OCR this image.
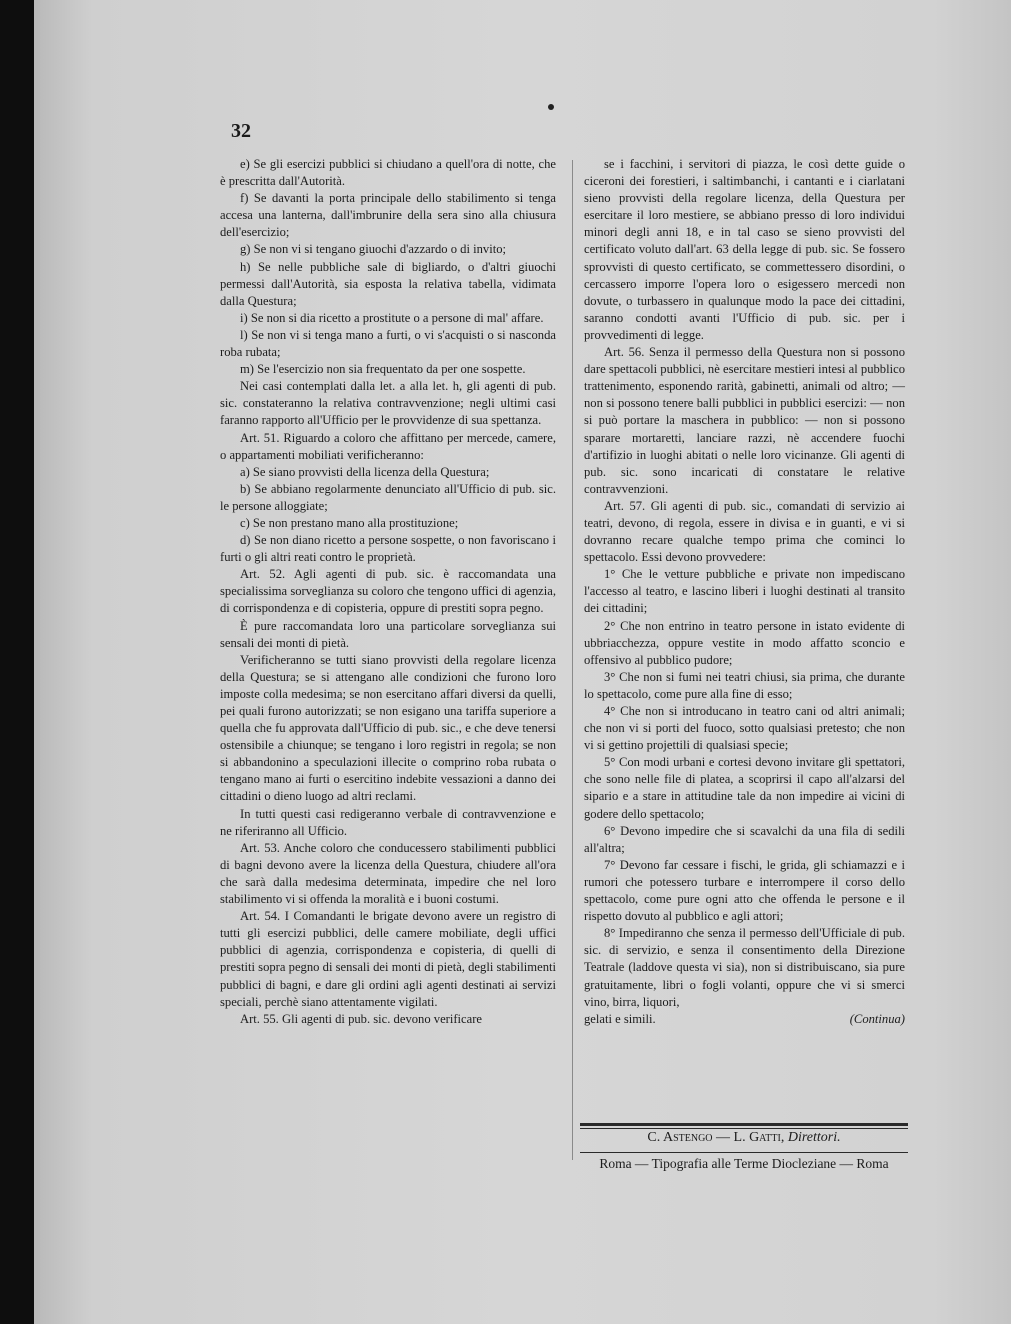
32

e) Se gli esercizi pubblici si chiudano a quell'ora di notte, che è prescritta dall'Autorità.

f) Se davanti la porta principale dello stabilimento si tenga accesa una lanterna, dall'imbrunire della sera sino alla chiusura dell'esercizio;

g) Se non vi si tengano giuochi d'azzardo o di invito;

h) Se nelle pubbliche sale di bigliardo, o d'altri giuochi permessi dall'Autorità, sia esposta la relativa tabella, vidimata dalla Questura;

i) Se non si dia ricetto a prostitute o a persone di mal' affare.

l) Se non vi si tenga mano a furti, o vi s'acquisti o si nasconda roba rubata;

m) Se l'esercizio non sia frequentato da per one sospette.

Nei casi contemplati dalla let. a alla let. h, gli agenti di pub. sic. constateranno la relativa contravvenzione; negli ultimi casi faranno rapporto all'Ufficio per le provvidenze di sua spettanza.

Art. 51. Riguardo a coloro che affittano per mercede, camere, o appartamenti mobiliati verificheranno:

a) Se siano provvisti della licenza della Questura;

b) Se abbiano regolarmente denunciato all'Ufficio di pub. sic. le persone alloggiate;

c) Se non prestano mano alla prostituzione;

d) Se non diano ricetto a persone sospette, o non favoriscano i furti o gli altri reati contro le proprietà.

Art. 52. Agli agenti di pub. sic. è raccomandata una specialissima sorveglianza su coloro che tengono uffici di agenzia, di corrispondenza e di copisteria, oppure di prestiti sopra pegno.

È pure raccomandata loro una particolare sorveglianza sui sensali dei monti di pietà.

Verificheranno se tutti siano provvisti della regolare licenza della Questura; se si attengano alle condizioni che furono loro imposte colla medesima; se non esercitano affari diversi da quelli, pei quali furono autorizzati; se non esigano una tariffa superiore a quella che fu approvata dall'Ufficio di pub. sic., e che deve tenersi ostensibile a chiunque; se tengano i loro registri in regola; se non si abbandonino a speculazioni illecite o comprino roba rubata o tengano mano ai furti o esercitino indebite vessazioni a danno dei cittadini o dieno luogo ad altri reclami.

In tutti questi casi redigeranno verbale di contravvenzione e ne riferiranno all Ufficio.

Art. 53. Anche coloro che conducessero stabilimenti pubblici di bagni devono avere la licenza della Questura, chiudere all'ora che sarà dalla medesima determinata, impedire che nel loro stabilimento vi si offenda la moralità e i buoni costumi.

Art. 54. I Comandanti le brigate devono avere un registro di tutti gli esercizi pubblici, delle camere mobiliate, degli uffici pubblici di agenzia, corrispondenza e copisteria, di quelli di prestiti sopra pegno di sensali dei monti di pietà, degli stabilimenti pubblici di bagni, e dare gli ordini agli agenti destinati ai servizi speciali, perchè siano attentamente vigilati.

Art. 55. Gli agenti di pub. sic. devono verificare

se i facchini, i servitori di piazza, le così dette guide o ciceroni dei forestieri, i saltimbanchi, i cantanti e i ciarlatani sieno provvisti della regolare licenza, della Questura per esercitare il loro mestiere, se abbiano presso di loro individui minori degli anni 18, e in tal caso se sieno provvisti del certificato voluto dall'art. 63 della legge di pub. sic. Se fossero sprovvisti di questo certificato, se commettessero disordini, o cercassero imporre l'opera loro o esigessero mercedi non dovute, o turbassero in qualunque modo la pace dei cittadini, saranno condotti avanti l'Ufficio di pub. sic. per i provvedimenti di legge.

Art. 56. Senza il permesso della Questura non si possono dare spettacoli pubblici, nè esercitare mestieri intesi al pubblico trattenimento, esponendo rarità, gabinetti, animali od altro; — non si possono tenere balli pubblici in pubblici esercizi: — non si può portare la maschera in pubblico: — non si possono sparare mortaretti, lanciare razzi, nè accendere fuochi d'artifizio in luoghi abitati o nelle loro vicinanze. Gli agenti di pub. sic. sono incaricati di constatare le relative contravvenzioni.

Art. 57. Gli agenti di pub. sic., comandati di servizio ai teatri, devono, di regola, essere in divisa e in guanti, e vi si dovranno recare qualche tempo prima che cominci lo spettacolo. Essi devono provvedere:

1° Che le vetture pubbliche e private non impediscano l'accesso al teatro, e lascino liberi i luoghi destinati al transito dei cittadini;

2° Che non entrino in teatro persone in istato evidente di ubbriacchezza, oppure vestite in modo affatto sconcio e offensivo al pubblico pudore;

3° Che non si fumi nei teatri chiusi, sia prima, che durante lo spettacolo, come pure alla fine di esso;

4° Che non si introducano in teatro cani od altri animali; che non vi si porti del fuoco, sotto qualsiasi pretesto; che non vi si gettino projettili di qualsiasi specie;

5° Con modi urbani e cortesi devono invitare gli spettatori, che sono nelle file di platea, a scoprirsi il capo all'alzarsi del sipario e a stare in attitudine tale da non impedire ai vicini di godere dello spettacolo;

6° Devono impedire che si scavalchi da una fila di sedili all'altra;

7° Devono far cessare i fischi, le grida, gli schiamazzi e i rumori che potessero turbare e interrompere il corso dello spettacolo, come pure ogni atto che offenda le persone e il rispetto dovuto al pubblico e agli attori;

8° Impediranno che senza il permesso dell'Ufficiale di pub. sic. di servizio, e senza il consentimento della Direzione Teatrale (laddove questa vi sia), non si distribuiscano, sia pure gratuitamente, libri o fogli volanti, oppure che vi si smerci vino, birra, liquori,

gelati e simili.	(Continua)
C. Astengo — L. Gatti, Direttori.
Roma — Tipografia alle Terme Diocleziane — Roma
